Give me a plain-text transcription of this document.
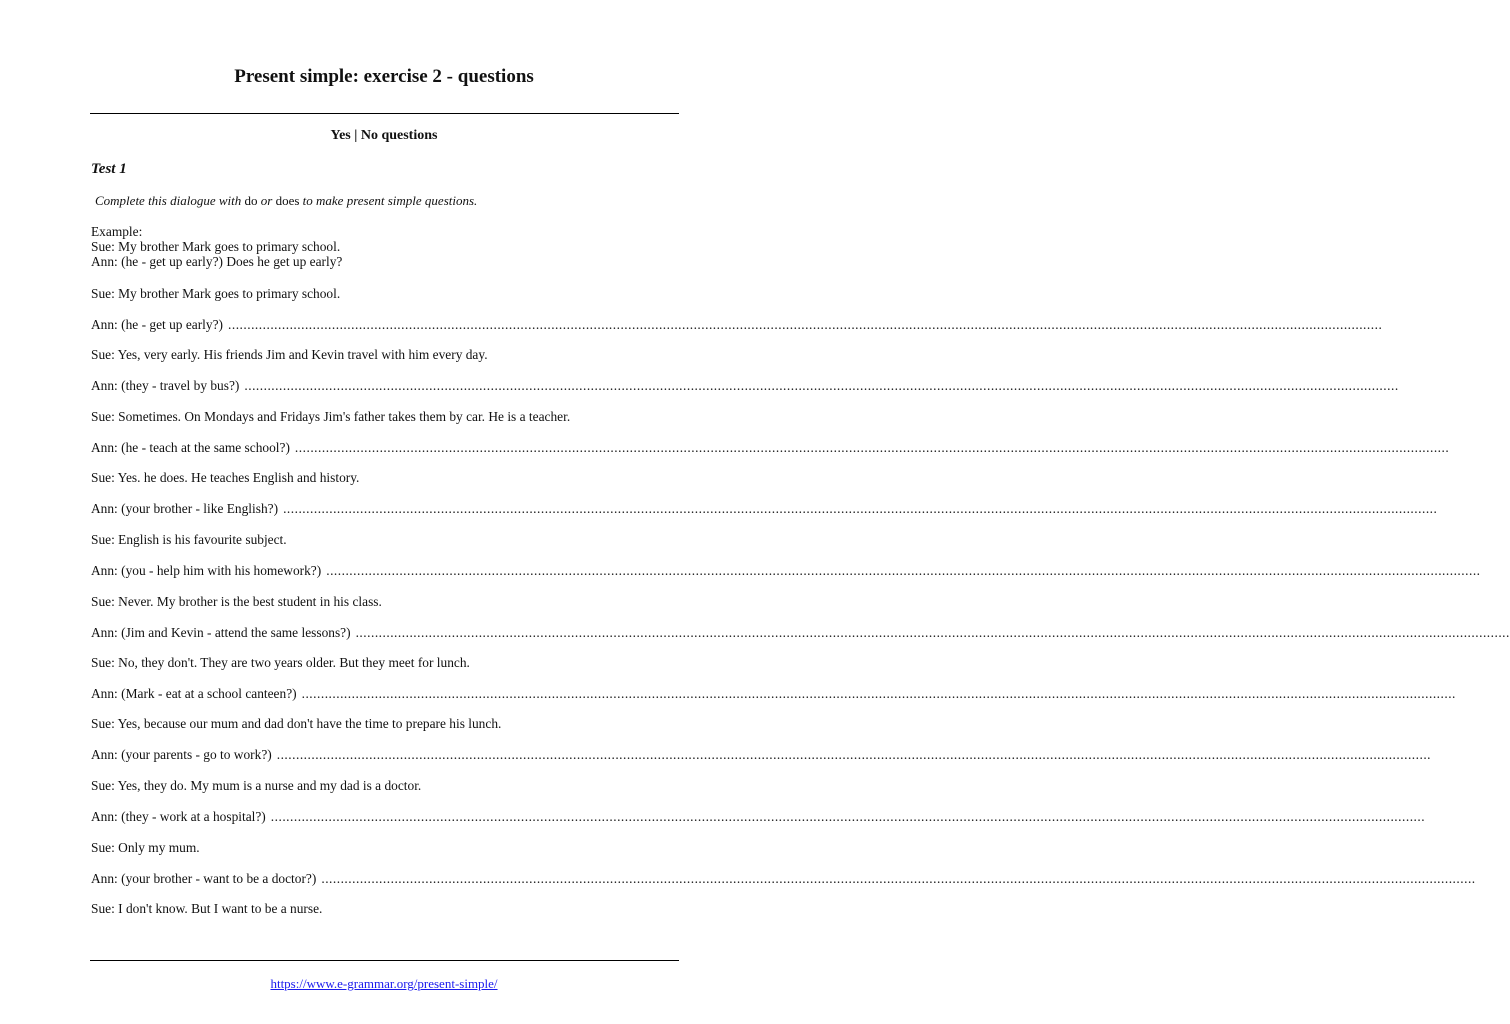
Present simple: exercise 2 - questions
Yes | No questions
Test 1
Complete this dialogue with do or does to make present simple questions.
Example:
Sue: My brother Mark goes to primary school.
Ann: (he - get up early?) Does he get up early?
Sue: My brother Mark goes to primary school.
Ann: (he - get up early?) ............................................................................................................................................................................................................................................................................................................
Sue: Yes, very early. His friends Jim and Kevin travel with him every day.
Ann: (they - travel by bus?) ............................................................................................................................................................................................................................................................................................................
Sue: Sometimes. On Mondays and Fridays Jim's father takes them by car. He is a teacher.
Ann: (he - teach at the same school?) ............................................................................................................................................................................................................................................................................................................
Sue: Yes. he does. He teaches English and history.
Ann: (your brother - like English?) ............................................................................................................................................................................................................................................................................................................
Sue: English is his favourite subject.
Ann: (you - help him with his homework?) ............................................................................................................................................................................................................................................................................................................
Sue: Never. My brother is the best student in his class.
Ann: (Jim and Kevin - attend the same lessons?) ............................................................................................................................................................................................................................................................................................................
Sue: No, they don't. They are two years older. But they meet for lunch.
Ann: (Mark - eat at a school canteen?) ............................................................................................................................................................................................................................................................................................................
Sue: Yes, because our mum and dad don't have the time to prepare his lunch.
Ann: (your parents - go to work?) ............................................................................................................................................................................................................................................................................................................
Sue: Yes, they do. My mum is a nurse and my dad is a doctor.
Ann: (they - work at a hospital?) ............................................................................................................................................................................................................................................................................................................
Sue: Only my mum.
Ann: (your brother - want to be a doctor?) ............................................................................................................................................................................................................................................................................................................
Sue: I don't know. But I want to be a nurse.
https://www.e-grammar.org/present-simple/
